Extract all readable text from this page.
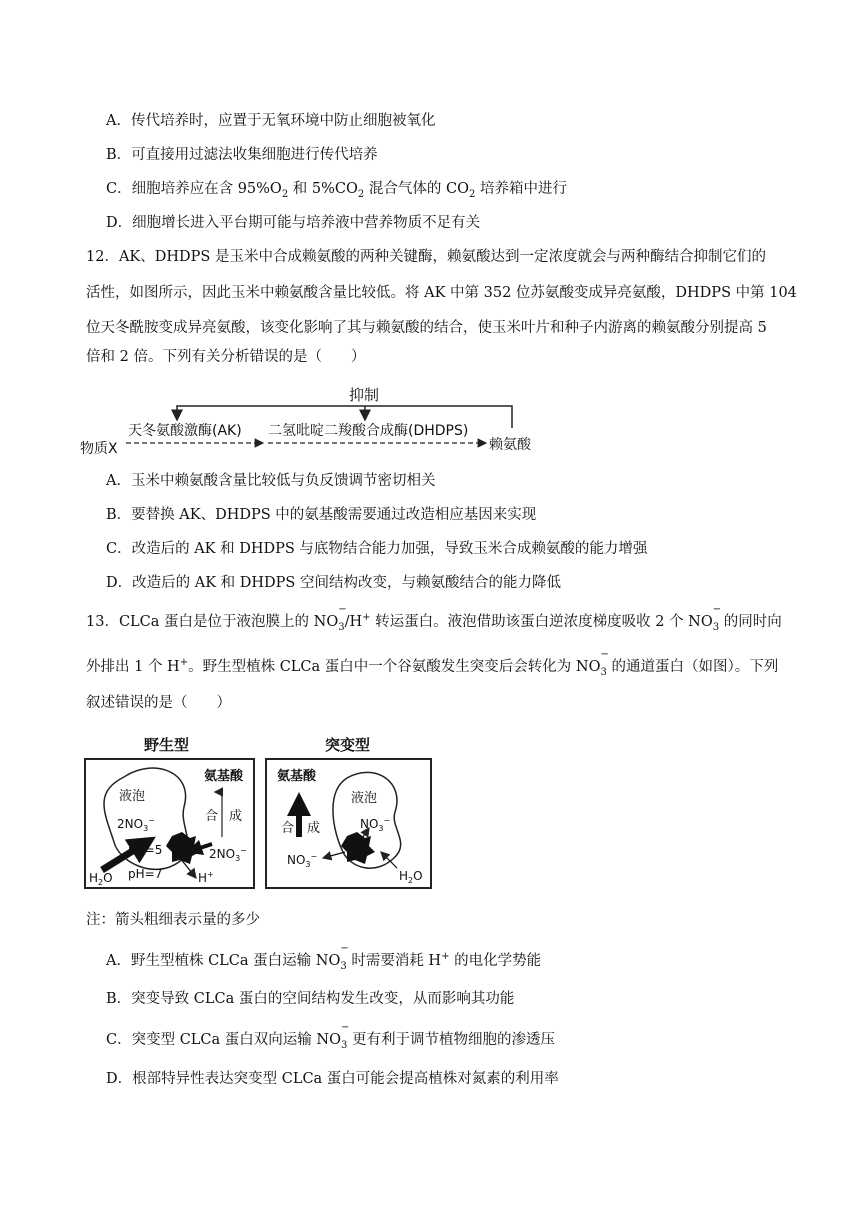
A．传代培养时，应置于无氧环境中防止细胞被氧化
B．可直接用过滤法收集细胞进行传代培养
C．细胞培养应在含 $95\%O_2$ 和 $5\%CO_2$ 混合气体的 $CO_2$ 培养箱中进行
D．细胞增长进入平台期可能与培养液中营养物质不足有关
12．AK、DHDPS 是玉米中合成赖氨酸的两种关键酶，赖氨酸达到一定浓度就会与两种酶结合抑制它们的
活性，如图所示，因此玉米中赖氨酸含量比较低。将 AK 中第 352 位苏氨酸变成异亮氨酸，DHDPS 中第 104
位天冬酰胺变成异亮氨酸，该变化影响了其与赖氨酸的结合，使玉米叶片和种子内游离的赖氨酸分别提高 5
倍和 2 倍。下列有关分析错误的是（　　）
抑制
天冬氨酸激酶(AK) 二氢吡啶二羧酸合成酶(DHDPS)
物质X	赖氨酸
A．玉米中赖氨酸含量比较低与负反馈调节密切相关
B．要替换 AK、DHDPS 中的氨基酸需要通过改造相应基因来实现
C．改造后的 AK 和 DHDPS 与底物结合能力加强，导致玉米合成赖氨酸的能力增强
D．改造后的 AK 和 DHDPS 空间结构改变，与赖氨酸结合的能力降低
13．CLCa 蛋白是位于液泡膜上的 NO
−
$_3$/H+ 转运蛋白。液泡借助该蛋白逆浓度梯度吸收 2 个 NO
−
$_3$ 的同时向
外排出 1 个 H+。野生型植株 CLCa 蛋白中一个谷氨酸发生突变后会转化为 NO
−
$_3$ 的通道蛋白（如图）。下列
叙述错误的是（　　）
野生型
液泡
$2NO_3^-$
氨基酸
合 成
$2NO_3^-$
pH=5
pH=7
$H_2O$	H+
突变型
氨基酸
合 成
液泡
$NO_3^-$
$NO_3^-$
$H_2O$
注：箭头粗细表示量的多少
A．野生型植株 CLCa 蛋白运输 NO
−
$_3$ 时需要消耗 H+ 的电化学势能
B．突变导致 CLCa 蛋白的空间结构发生改变，从而影响其功能
C．突变型 CLCa 蛋白双向运输 NO
−
$_3$ 更有利于调节植物细胞的渗透压
D．根部特异性表达突变型 CLCa 蛋白可能会提高植株对氮素的利用率
